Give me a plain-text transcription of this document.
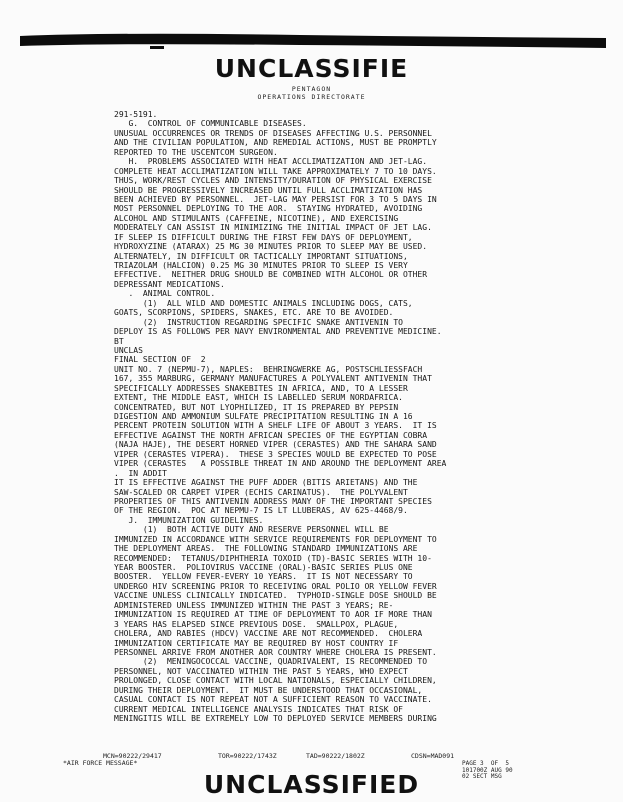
UNCLASSIFIE
PENTAGON
OPERATIONS DIRECTORATE
291-5191.
G.  CONTROL OF COMMUNICABLE DISEASES.
UNUSUAL OCCURRENCES OR TRENDS OF DISEASES AFFECTING U.S. PERSONNEL
AND THE CIVILIAN POPULATION, AND REMEDIAL ACTIONS, MUST BE PROMPTLY
REPORTED TO THE USCENTCOM SURGEON.
H.  PROBLEMS ASSOCIATED WITH HEAT ACCLIMATIZATION AND JET-LAG.
COMPLETE HEAT ACCLIMATIZATION WILL TAKE APPROXIMATELY 7 TO 10 DAYS.
THUS, WORK/REST CYCLES AND INTENSITY/DURATION OF PHYSICAL EXERCISE
SHOULD BE PROGRESSIVELY INCREASED UNTIL FULL ACCLIMATIZATION HAS
BEEN ACHIEVED BY PERSONNEL.  JET-LAG MAY PERSIST FOR 3 TO 5 DAYS IN
MOST PERSONNEL DEPLOYING TO THE AOR.  STAYING HYDRATED, AVOIDING
ALCOHOL AND STIMULANTS (CAFFEINE, NICOTINE), AND EXERCISING
MODERATELY CAN ASSIST IN MINIMIZING THE INITIAL IMPACT OF JET LAG.
IF SLEEP IS DIFFICULT DURING THE FIRST FEW DAYS OF DEPLOYMENT,
HYDROXYZINE (ATARAX) 25 MG 30 MINUTES PRIOR TO SLEEP MAY BE USED.
ALTERNATELY, IN DIFFICULT OR TACTICALLY IMPORTANT SITUATIONS,
TRIAZOLAM (HALCION) 0.25 MG 30 MINUTES PRIOR TO SLEEP IS VERY
EFFECTIVE.  NEITHER DRUG SHOULD BE COMBINED WITH ALCOHOL OR OTHER
DEPRESSANT MEDICATIONS.
.  ANIMAL CONTROL.
(1)  ALL WILD AND DOMESTIC ANIMALS INCLUDING DOGS, CATS,
GOATS, SCORPIONS, SPIDERS, SNAKES, ETC. ARE TO BE AVOIDED.
(2)  INSTRUCTION REGARDING SPECIFIC SNAKE ANTIVENIN TO
DEPLOY IS AS FOLLOWS PER NAVY ENVIRONMENTAL AND PREVENTIVE MEDICINE.
BT
UNCLAS
FINAL SECTION OF  2
UNIT NO. 7 (NEPMU-7), NAPLES:  BEHRINGWERKE AG, POSTSCHLIESSFACH
167, 355 MARBURG, GERMANY MANUFACTURES A POLYVALENT ANTIVENIN THAT
SPECIFICALLY ADDRESSES SNAKEBITES IN AFRICA, AND, TO A LESSER
EXTENT, THE MIDDLE EAST, WHICH IS LABELLED SERUM NORDAFRICA.
CONCENTRATED, BUT NOT LYOPHILIZED, IT IS PREPARED BY PEPSIN
DIGESTION AND AMMONIUM SULFATE PRECIPITATION RESULTING IN A 16
PERCENT PROTEIN SOLUTION WITH A SHELF LIFE OF ABOUT 3 YEARS.  IT IS
EFFECTIVE AGAINST THE NORTH AFRICAN SPECIES OF THE EGYPTIAN COBRA
(NAJA HAJE), THE DESERT HORNED VIPER (CERASTES) AND THE SAHARA SAND
VIPER (CERASTES VIPERA).  THESE 3 SPECIES WOULD BE EXPECTED TO POSE
VIPER (CERASTES   A POSSIBLE THREAT IN AND AROUND THE DEPLOYMENT AREA
.  IN ADDIT
IT IS EFFECTIVE AGAINST THE PUFF ADDER (BITIS ARIETANS) AND THE
SAW-SCALED OR CARPET VIPER (ECHIS CARINATUS).  THE POLYVALENT
PROPERTIES OF THIS ANTIVENIN ADDRESS MANY OF THE IMPORTANT SPECIES
OF THE REGION.  POC AT NEPMU-7 IS LT LLUBERAS, AV 625-4468/9.
J.  IMMUNIZATION GUIDELINES.
(1)  BOTH ACTIVE DUTY AND RESERVE PERSONNEL WILL BE
IMMUNIZED IN ACCORDANCE WITH SERVICE REQUIREMENTS FOR DEPLOYMENT TO
THE DEPLOYMENT AREAS.  THE FOLLOWING STANDARD IMMUNIZATIONS ARE
RECOMMENDED:  TETANUS/DIPHTHERIA TOXOID (TD)-BASIC SERIES WITH 10-
YEAR BOOSTER.  POLIOVIRUS VACCINE (ORAL)-BASIC SERIES PLUS ONE
BOOSTER.  YELLOW FEVER-EVERY 10 YEARS.  IT IS NOT NECESSARY TO
UNDERGO HIV SCREENING PRIOR TO RECEIVING ORAL POLIO OR YELLOW FEVER
VACCINE UNLESS CLINICALLY INDICATED.  TYPHOID-SINGLE DOSE SHOULD BE
ADMINISTERED UNLESS IMMUNIZED WITHIN THE PAST 3 YEARS; RE-
IMMUNIZATION IS REQUIRED AT TIME OF DEPLOYMENT TO AOR IF MORE THAN
3 YEARS HAS ELAPSED SINCE PREVIOUS DOSE.  SMALLPOX, PLAGUE,
CHOLERA, AND RABIES (HDCV) VACCINE ARE NOT RECOMMENDED.  CHOLERA
IMMUNIZATION CERTIFICATE MAY BE REQUIRED BY HOST COUNTRY IF
PERSONNEL ARRIVE FROM ANOTHER AOR COUNTRY WHERE CHOLERA IS PRESENT.
(2)  MENINGOCOCCAL VACCINE, QUADRIVALENT, IS RECOMMENDED TO
PERSONNEL, NOT VACCINATED WITHIN THE PAST 5 YEARS, WHO EXPECT
PROLONGED, CLOSE CONTACT WITH LOCAL NATIONALS, ESPECIALLY CHILDREN,
DURING THEIR DEPLOYMENT.  IT MUST BE UNDERSTOOD THAT OCCASIONAL,
CASUAL CONTACT IS NOT REPEAT NOT A SUFFICIENT REASON TO VACCINATE.
CURRENT MEDICAL INTELLIGENCE ANALYSIS INDICATES THAT RISK OF
MENINGITIS WILL BE EXTREMELY LOW TO DEPLOYED SERVICE MEMBERS DURING
MCN=90222/29417	TOR=90222/1743Z	TAD=90222/1802Z	CDSN=MAD091
*AIR FORCE MESSAGE*	PAGE 3  OF  5
101700Z AUG 90
02 SECT MSG
UNCLASSIFIED
